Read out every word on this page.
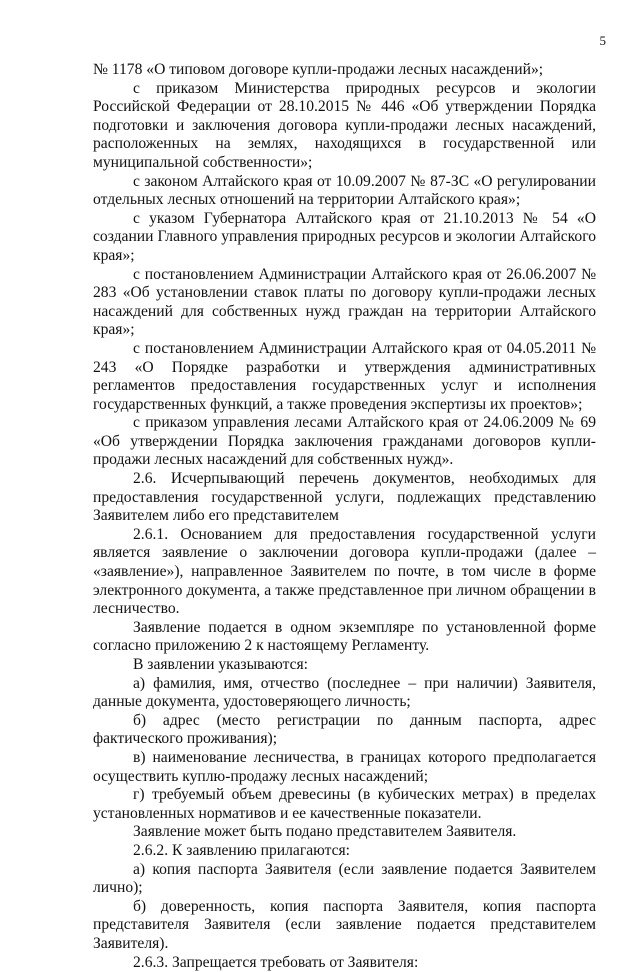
5

№ 1178 «О типовом договоре купли-продажи лесных насаждений»;

с приказом Министерства природных ресурсов и экологии Российской Федерации от 28.10.2015 № 446 «Об утверждении Порядка подготовки и заключения договора купли-продажи лесных насаждений, расположенных на землях, находящихся в государственной или муниципальной собственности»;

с законом Алтайского края от 10.09.2007 № 87-ЗС «О регулировании отдельных лесных отношений на территории Алтайского края»;

с указом Губернатора Алтайского края от 21.10.2013 № 54 «О создании Главного управления природных ресурсов и экологии Алтайского края»;

с постановлением Администрации Алтайского края от 26.06.2007 № 283 «Об установлении ставок платы по договору купли-продажи лесных насаждений для собственных нужд граждан на территории Алтайского края»;

с постановлением Администрации Алтайского края от 04.05.2011 № 243 «О Порядке разработки и утверждения административных регламентов предоставления государственных услуг и исполнения государственных функций, а также проведения экспертизы их проектов»;

с приказом управления лесами Алтайского края от 24.06.2009 № 69 «Об утверждении Порядка заключения гражданами договоров купли-продажи лесных насаждений для собственных нужд».

2.6. Исчерпывающий перечень документов, необходимых для предоставления государственной услуги, подлежащих представлению Заявителем либо его представителем

2.6.1. Основанием для предоставления государственной услуги является заявление о заключении договора купли-продажи (далее – «заявление»), направленное Заявителем по почте, в том числе в форме электронного документа, а также представленное при личном обращении в лесничество.

Заявление подается в одном экземпляре по установленной форме согласно приложению 2 к настоящему Регламенту.

В заявлении указываются:

а) фамилия, имя, отчество (последнее – при наличии) Заявителя, данные документа, удостоверяющего личность;

б) адрес (место регистрации по данным паспорта, адрес фактического проживания);

в) наименование лесничества, в границах которого предполагается осуществить куплю-продажу лесных насаждений;

г) требуемый объем древесины (в кубических метрах) в пределах установленных нормативов и ее качественные показатели.

Заявление может быть подано представителем Заявителя.

2.6.2. К заявлению прилагаются:

а) копия паспорта Заявителя (если заявление подается Заявителем лично);

б) доверенность, копия паспорта Заявителя, копия паспорта представителя Заявителя (если заявление подается представителем Заявителя).

2.6.3. Запрещается требовать от Заявителя:
